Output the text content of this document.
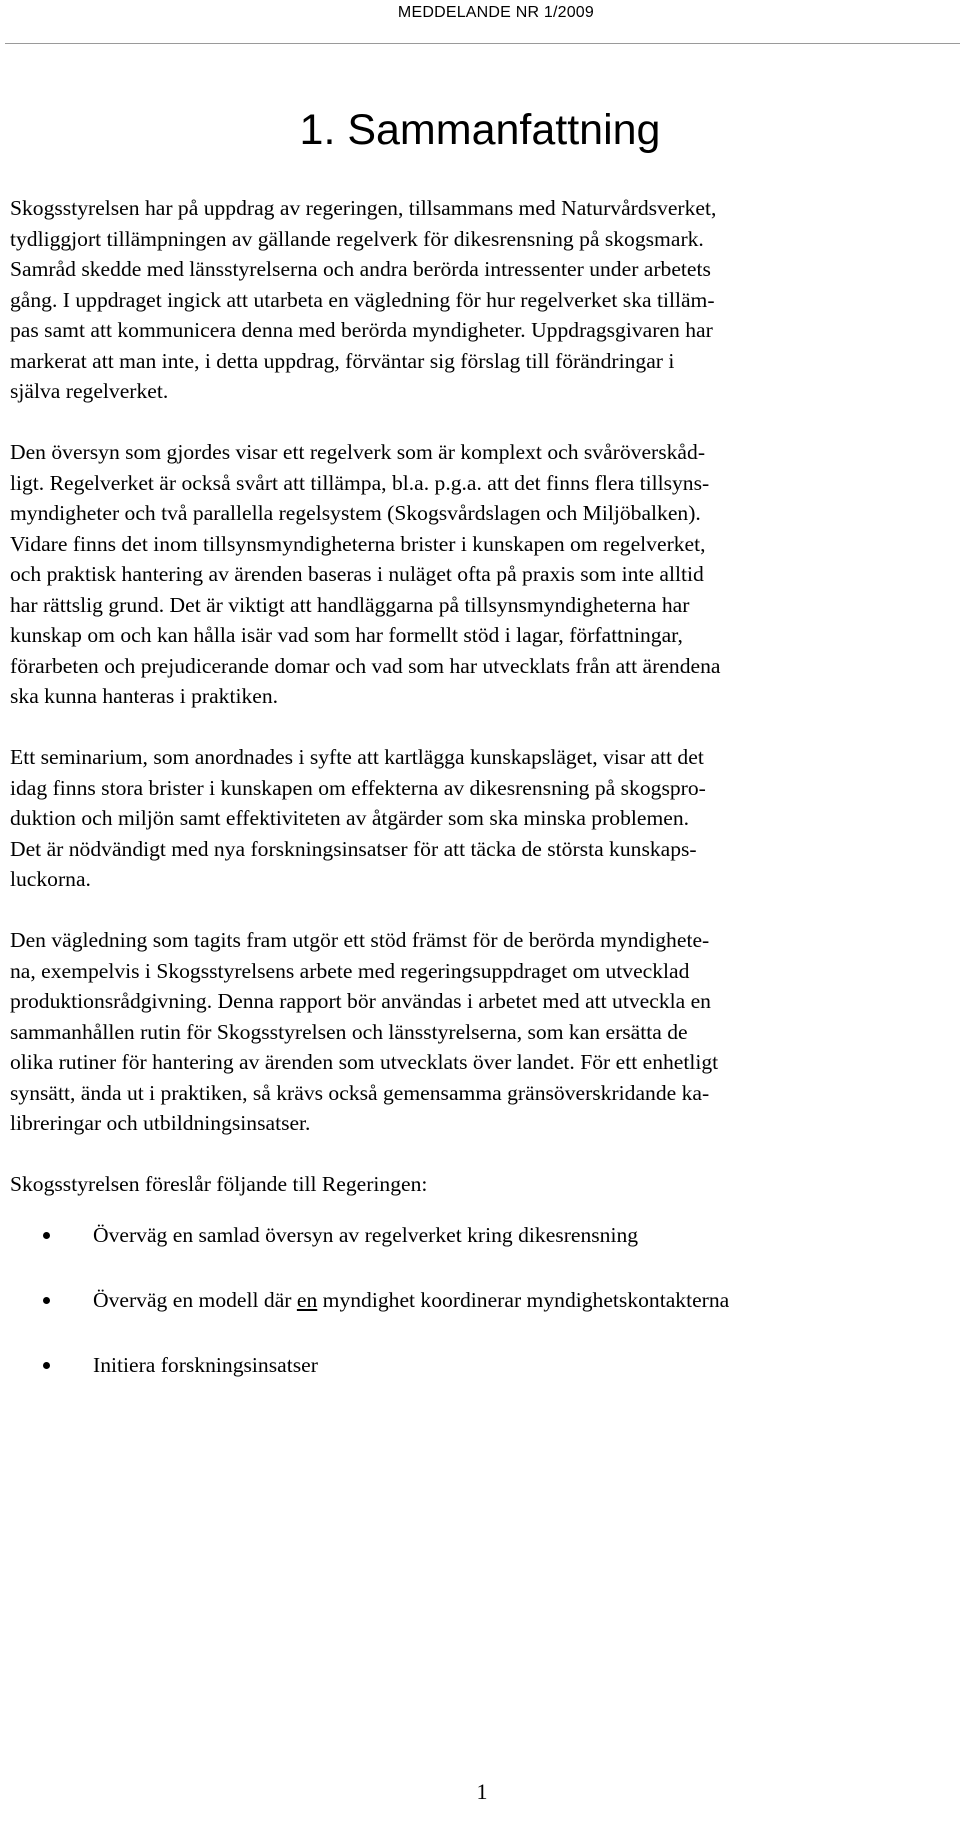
MEDDELANDE NR 1/2009
1. Sammanfattning

Skogsstyrelsen har på uppdrag av regeringen, tillsammans med Naturvårdsverket,
tydliggjort tillämpningen av gällande regelverk för dikesrensning på skogsmark.
Samråd skedde med länsstyrelserna och andra berörda intressenter under arbetets
gång. I uppdraget ingick att utarbeta en vägledning för hur regelverket ska tilläm-
pas samt att kommunicera denna med berörda myndigheter. Uppdragsgivaren har
markerat att man inte, i detta uppdrag, förväntar sig förslag till förändringar i
själva regelverket.

Den översyn som gjordes visar ett regelverk som är komplext och svåröverskåd-
ligt. Regelverket är också svårt att tillämpa, bl.a. p.g.a. att det finns flera tillsyns-
myndigheter och två parallella regelsystem (Skogsvårdslagen och Miljöbalken).
Vidare finns det inom tillsynsmyndigheterna brister i kunskapen om regelverket,
och praktisk hantering av ärenden baseras i nuläget ofta på praxis som inte alltid
har rättslig grund. Det är viktigt att handläggarna på tillsynsmyndigheterna har
kunskap om och kan hålla isär vad som har formellt stöd i lagar, författningar,
förarbeten och prejudicerande domar och vad som har utvecklats från att ärendena
ska kunna hanteras i praktiken.

Ett seminarium, som anordnades i syfte att kartlägga kunskapsläget, visar att det
idag finns stora brister i kunskapen om effekterna av dikesrensning på skogspro-
duktion och miljön samt effektiviteten av åtgärder som ska minska problemen.
Det är nödvändigt med nya forskningsinsatser för att täcka de största kunskaps-
luckorna.

Den vägledning som tagits fram utgör ett stöd främst för de berörda myndighete-
na, exempelvis i Skogsstyrelsens arbete med regeringsuppdraget om utvecklad
produktionsrådgivning. Denna rapport bör användas i arbetet med att utveckla en
sammanhållen rutin för Skogsstyrelsen och länsstyrelserna, som kan ersätta de
olika rutiner för hantering av ärenden som utvecklats över landet. För ett enhetligt
synsätt, ända ut i praktiken, så krävs också gemensamma gränsöverskridande ka-
libreringar och utbildningsinsatser.

Skogsstyrelsen föreslår följande till Regeringen:

Överväg en samlad översyn av regelverket kring dikesrensning
Överväg en modell där en myndighet koordinerar myndighetskontakterna
Initiera forskningsinsatser
1
